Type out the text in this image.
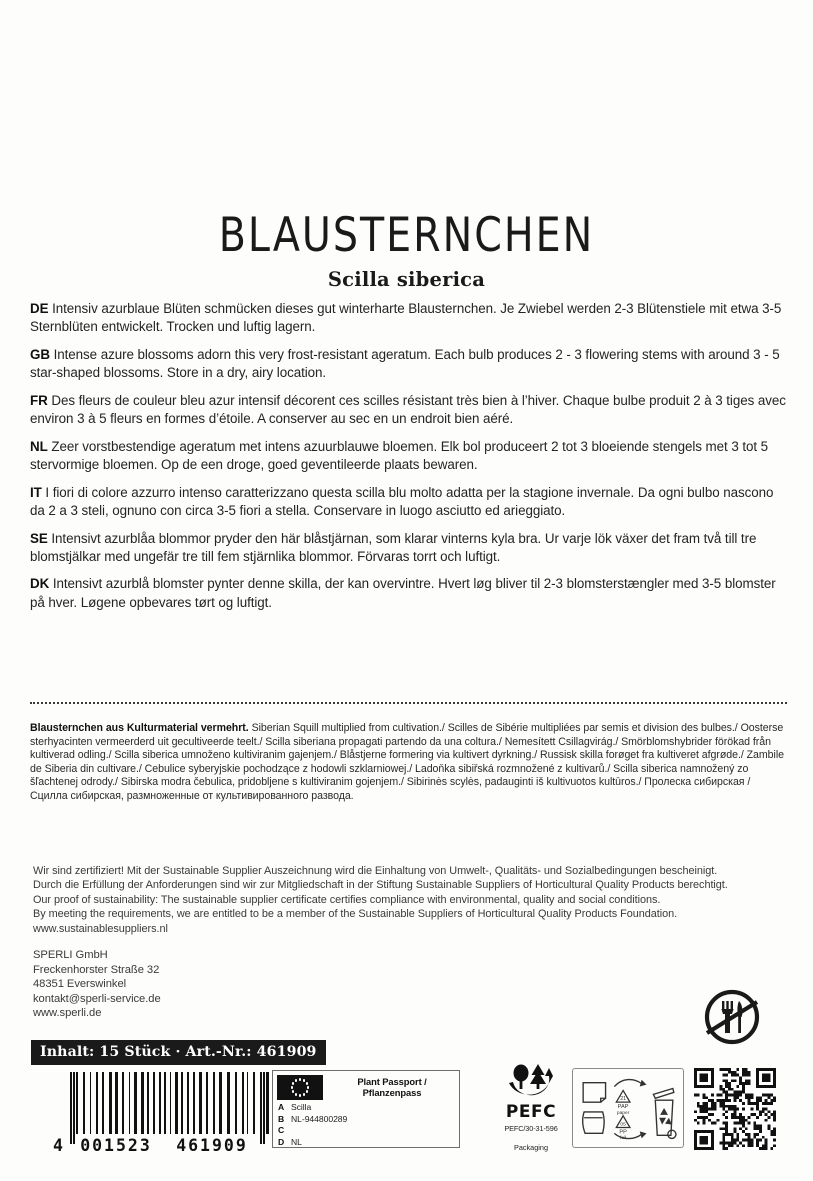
BLAUSTERNCHEN
Scilla siberica

DE Intensiv azurblaue Blüten schmücken dieses gut winterharte Blausternchen. Je Zwiebel werden 2-3 Blütenstiele mit etwa 3-5 Sternblüten entwickelt. Trocken und luftig lagern.

GB Intense azure blossoms adorn this very frost-resistant ageratum. Each bulb produces 2 - 3 flowering stems with around 3 - 5 star-shaped blossoms. Store in a dry, airy location.

FR Des fleurs de couleur bleu azur intensif décorent ces scilles résistant très bien à l’hiver. Chaque bulbe produit 2 à 3 tiges avec environ 3 à 5 fleurs en formes d’étoile. A conserver au sec en un endroit bien aéré.

NL Zeer vorstbestendige ageratum met intens azuurblauwe bloemen. Elk bol produceert 2 tot 3 bloeiende stengels met 3 tot 5 stervormige bloemen. Op de een droge, goed geventileerde plaats bewaren.

IT I fiori di colore azzurro intenso caratterizzano questa scilla blu molto adatta per la stagione invernale. Da ogni bulbo nascono da 2 a 3 steli, ognuno con circa 3-5 fiori a stella. Conservare in luogo asciutto ed arieggiato.

SE Intensivt azurblåa blommor pryder den här blåstjärnan, som klarar vinterns kyla bra. Ur varje lök växer det fram två till tre blomstjälkar med ungefär tre till fem stjärnlika blommor. Förvaras torrt och luftigt.

DK Intensivt azurblå blomster pynter denne skilla, der kan overvintre. Hvert løg bliver til 2-3 blomsterstængler med 3-5 blomster på hver. Løgene opbevares tørt og luftigt.

Blausternchen aus Kulturmaterial vermehrt. Siberian Squill multiplied from cultivation./ Scilles de Sibérie multipliées par semis et division des bulbes./ Oosterse sterhyacinten vermeerderd uit gecultiveerde teelt./ Scilla siberiana propagati partendo da una coltura./ Nemesített Csillagvirág./ Smörblomshybrider förökad från kultiverad odling./ Scilla siberica umnoženo kultiviranim gajenjem./ Blåstjerne formering via kultivert dyrkning./ Russisk skilla forøget fra kultiveret afgrøde./ Zambile de Siberia din cultivare./ Cebulice syberyjskie pochodzące z hodowli szklarniowej./ Ladoňka sibiřská rozmnožené z kultivarů./ Scilla siberica namnožený zo šľachtenej odrody./ Sibirska modra čebulica, pridobljene s kultiviranim gojenjem./ Sibirinės scylės, padauginti iš kultivuotos kultūros./ Пролеска сибирская / Сцилла сибирская, размноженные от культивированного развода.

Wir sind zertifiziert! Mit der Sustainable Supplier Auszeichnung wird die Einhaltung von Umwelt-, Qualitäts- und Sozialbedingungen bescheinigt.

Durch die Erfüllung der Anforderungen sind wir zur Mitgliedschaft in der Stiftung Sustainable Suppliers of Horticultural Quality Products berechtigt.

Our proof of sustainability: The sustainable supplier certificate certifies compliance with environmental, quality and social conditions.

By meeting the requirements, we are entitled to be a member of the Sustainable Suppliers of Horticultural Quality Products Foundation.

www.sustainablesuppliers.nl

SPERLI GmbH

Freckenhorster Straße 32

48351 Everswinkel

kontakt@sperli-service.de

www.sperli.de

Inhalt: 15 Stück · Art.-Nr.: 461909
4	001523	461909
Plant Passport / Pflanzenpass
A Scilla
B NL-944800289
C
D NL
PEFC
PEFC/30-31-596
Packaging
21
PAP
paper
05
PP
foil
